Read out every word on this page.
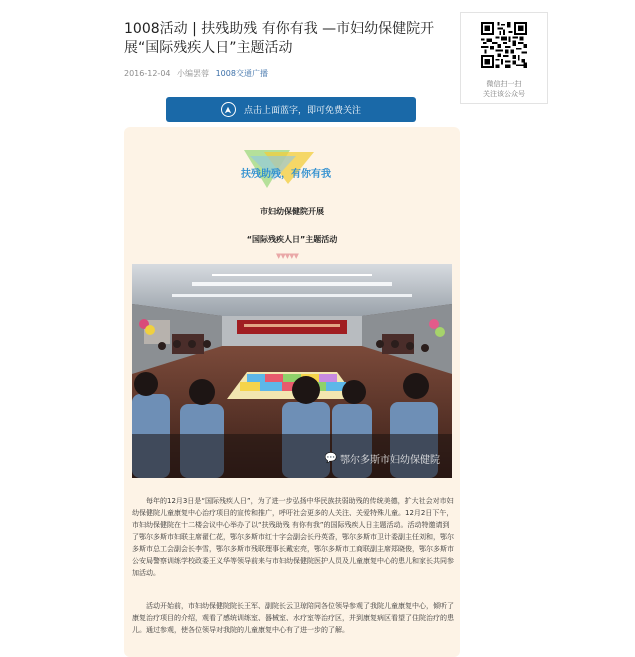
1008活动 | 扶残助残 有你有我 —市妇幼保健院开展“国际残疾人日”主题活动
2016-12-04 小编罢蓉 1008交通广播
微信扫一扫
关注该公众号
点击上面蓝字，即可免费关注
扶残助残，有你有我
市妇幼保健院开展
“国际残疾人日”主题活动
▼▼▼▼▼
💬 鄂尔多斯市妇幼保健院

每年的12月3日是“国际残疾人日”，为了进一步弘扬中华民族扶弱助残的传统美德，扩大社会对市妇幼保健院儿童康复中心治疗项目的宣传和推广，呼吁社会更多的人关注、关爱特殊儿童。12月2日下午，市妇幼保健院在十二楼会议中心举办了以“扶残助残 有你有我”的国际残疾人日主题活动。活动特邀请到了鄂尔多斯市妇联主席翟仁花，鄂尔多斯市红十字会副会长丹英香，鄂尔多斯市卫计委副主任刘和，鄂尔多斯市总工会副会长李雪，鄂尔多斯市残联理事长戴宏亮，鄂尔多斯市工商联副主席郑晓俊，鄂尔多斯市公安局警察训练学校政委王义华等领导前来与市妇幼保健院医护人员及儿童康复中心的患儿和家长共同参加活动。

活动开始前，市妇幼保健院院长王军、副院长云卫琼陪同各位领导参观了我院儿童康复中心，倾听了康复治疗项目的介绍，观看了感统训练室、器械室、水疗室等治疗区，并到康复病区看望了住院治疗的患儿。通过参观，使各位领导对我院的儿童康复中心有了进一步的了解。
